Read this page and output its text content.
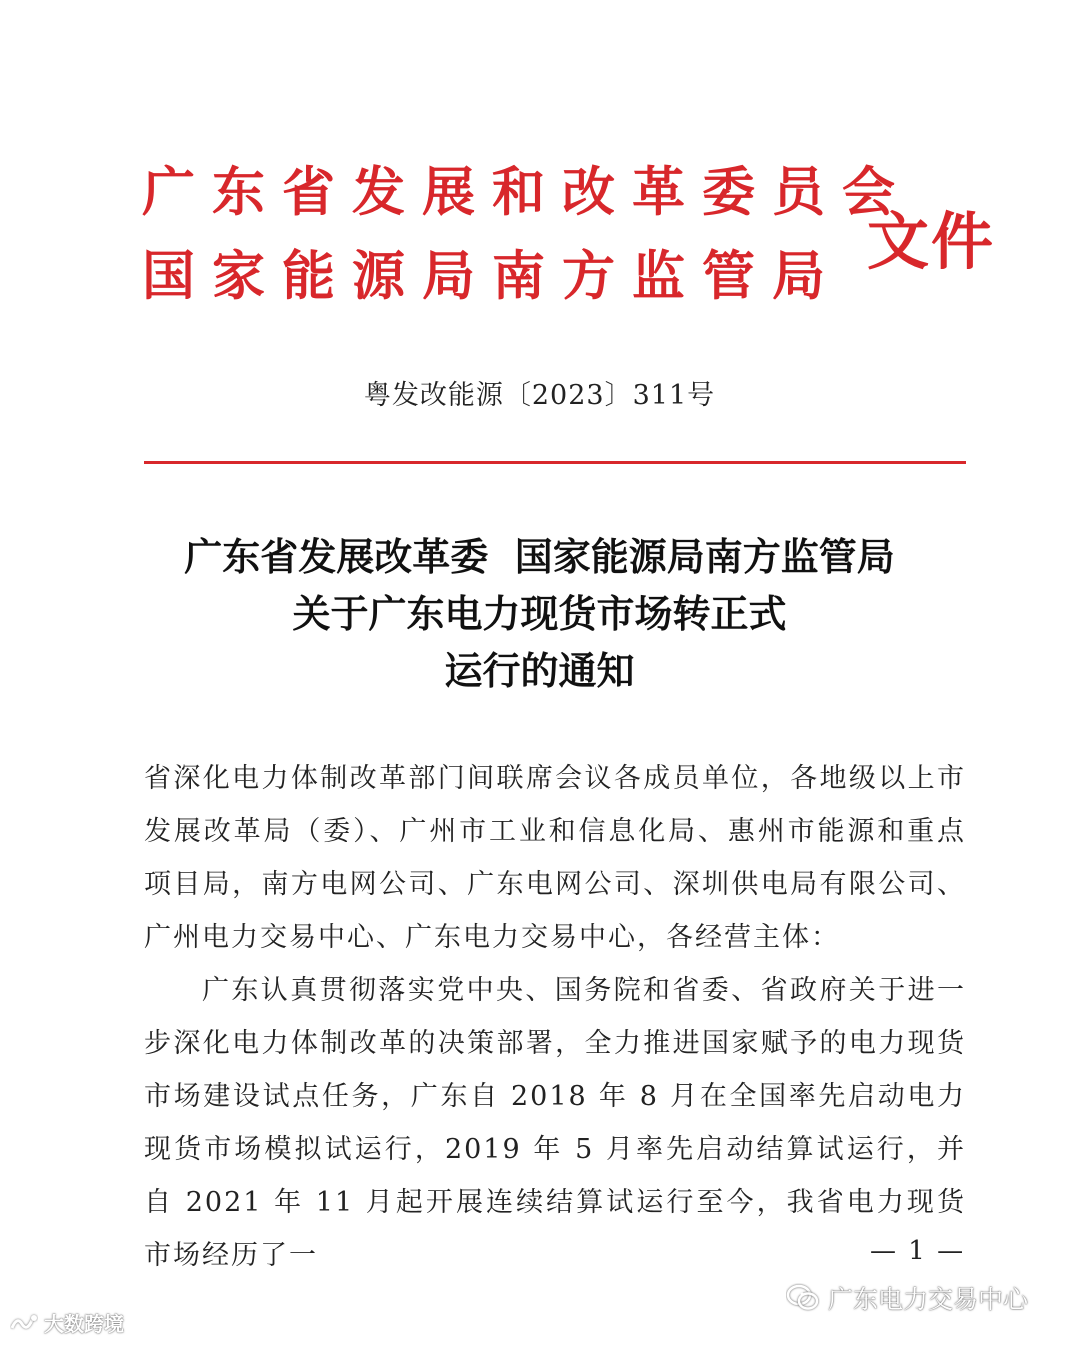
广东省发展和改革委员会
国家能源局南方监管局 文件
粤发改能源〔2023〕311号
广东省发展改革委  国家能源局南方监管局
关于广东电力现货市场转正式
运行的通知

省深化电力体制改革部门间联席会议各成员单位，各地级以上市发展改革局（委）、广州市工业和信息化局、惠州市能源和重点项目局，南方电网公司、广东电网公司、深圳供电局有限公司、广州电力交易中心、广东电力交易中心，各经营主体：

广东认真贯彻落实党中央、国务院和省委、省政府关于进一步深化电力体制改革的决策部署，全力推进国家赋予的电力现货市场建设试点任务，广东自 2018 年 8 月在全国率先启动电力现货市场模拟试运行，2019 年 5 月率先启动结算试运行，并自 2021 年 11 月起开展连续结算试运行至今，我省电力现货市场经历了一	— 1 —
大数跨境
广东电力交易中心
